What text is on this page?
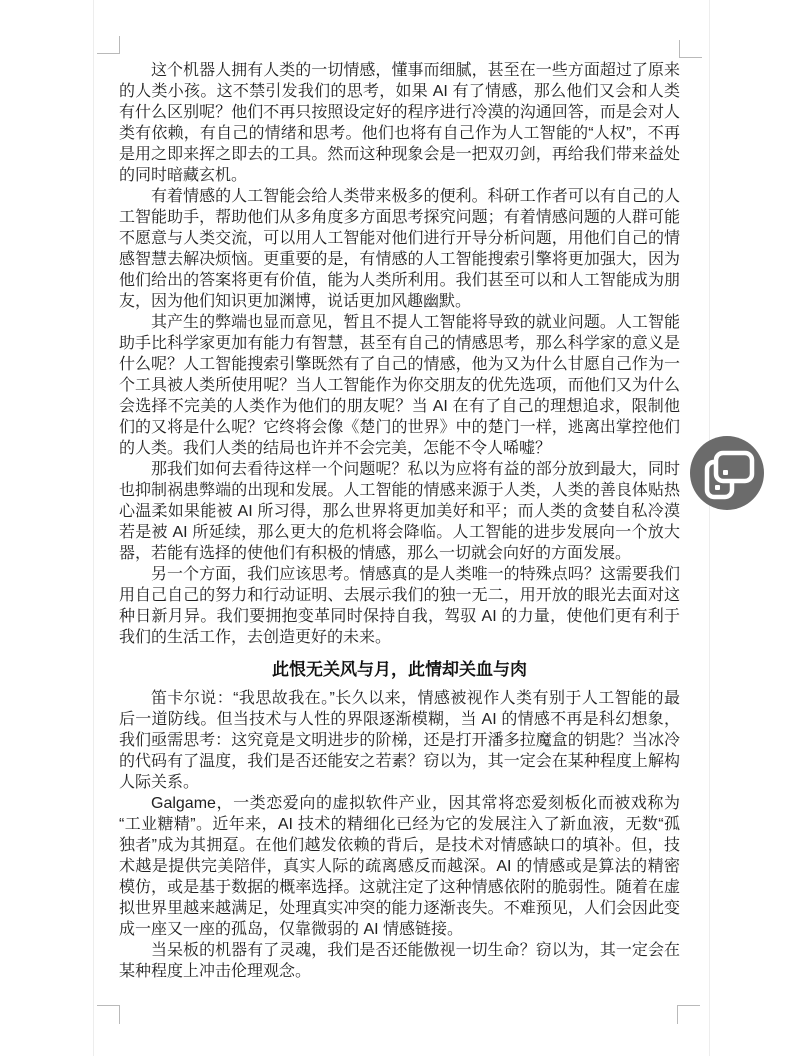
这个机器人拥有人类的一切情感，懂事而细腻，甚至在一些方面超过了原来的人类小孩。这不禁引发我们的思考，如果 AI 有了情感，那么他们又会和人类有什么区别呢？他们不再只按照设定好的程序进行冷漠的沟通回答，而是会对人类有依赖，有自己的情绪和思考。他们也将有自己作为人工智能的“人权”，不再是用之即来挥之即去的工具。然而这种现象会是一把双刃剑，再给我们带来益处的同时暗藏玄机。

有着情感的人工智能会给人类带来极多的便利。科研工作者可以有自己的人工智能助手，帮助他们从多角度多方面思考探究问题；有着情感问题的人群可能不愿意与人类交流，可以用人工智能对他们进行开导分析问题，用他们自己的情感智慧去解决烦恼。更重要的是，有情感的人工智能搜索引擎将更加强大，因为他们给出的答案将更有价值，能为人类所利用。我们甚至可以和人工智能成为朋友，因为他们知识更加渊博，说话更加风趣幽默。

其产生的弊端也显而意见，暂且不提人工智能将导致的就业问题。人工智能助手比科学家更加有能力有智慧，甚至有自己的情感思考，那么科学家的意义是什么呢？人工智能搜索引擎既然有了自己的情感，他为又为什么甘愿自己作为一个工具被人类所使用呢？当人工智能作为你交朋友的优先选项，而他们又为什么会选择不完美的人类作为他们的朋友呢？当 AI 在有了自己的理想追求，限制他们的又将是什么呢？它终将会像《楚门的世界》中的楚门一样，逃离出掌控他们的人类。我们人类的结局也许并不会完美，怎能不令人唏嘘？

那我们如何去看待这样一个问题呢？私以为应将有益的部分放到最大，同时也抑制祸患弊端的出现和发展。人工智能的情感来源于人类，人类的善良体贴热心温柔如果能被 AI 所习得，那么世界将更加美好和平；而人类的贪婪自私冷漠若是被 AI 所延续，那么更大的危机将会降临。人工智能的进步发展向一个放大器，若能有选择的使他们有积极的情感，那么一切就会向好的方面发展。

另一个方面，我们应该思考。情感真的是人类唯一的特殊点吗？这需要我们用自己自己的努力和行动证明、去展示我们的独一无二，用开放的眼光去面对这种日新月异。我们要拥抱变革同时保持自我，驾驭 AI 的力量，使他们更有利于我们的生活工作，去创造更好的未来。

此恨无关风与月，此情却关血与肉

笛卡尔说：“我思故我在。”长久以来，情感被视作人类有别于人工智能的最后一道防线。但当技术与人性的界限逐渐模糊，当 AI 的情感不再是科幻想象，我们亟需思考：这究竟是文明进步的阶梯，还是打开潘多拉魔盒的钥匙？当冰冷的代码有了温度，我们是否还能安之若素？窃以为，其一定会在某种程度上解构人际关系。

Galgame，一类恋爱向的虚拟软件产业，因其常将恋爱刻板化而被戏称为“工业糖精”。近年来，AI 技术的精细化已经为它的发展注入了新血液，无数“孤独者”成为其拥趸。在他们越发依赖的背后，是技术对情感缺口的填补。但，技术越是提供完美陪伴，真实人际的疏离感反而越深。AI 的情感或是算法的精密模仿，或是基于数据的概率选择。这就注定了这种情感依附的脆弱性。随着在虚拟世界里越来越满足，处理真实冲突的能力逐渐丧失。不难预见，人们会因此变成一座又一座的孤岛，仅靠微弱的 AI 情感链接。

当呆板的机器有了灵魂，我们是否还能傲视一切生命？窃以为，其一定会在某种程度上冲击伦理观念。
